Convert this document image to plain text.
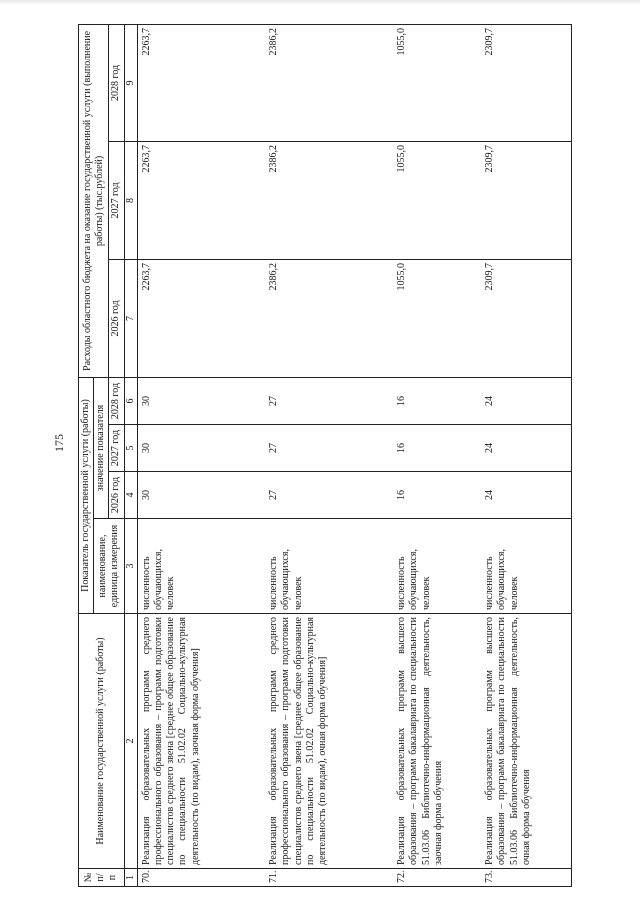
175
№
п/п	Наименование государственной услуги (работы)	Показатель государственной услуги (работы)				Расходы областного бюджета на оказание государственной услуги (выполнение работы) (тыс.рублей)		
		наименование, единица измерения	значение показателя					
			2026 год	2027 год	2028 год	2026 год	2027 год	2028 год
1	2	3	4	5	6	7	8	9
70.	Реализация образовательных программ среднего профессионального образования – программ подготовки специалистов среднего звена [среднее общее образование по специальности 51.02.02 Социально-культурная деятельность (по видам), заочная форма обучения]	численность обучающихся, человек	30	30	30	2263,7	2263,7	2263,7
71.	Реализация образовательных программ среднего профессионального образования – программ подготовки специалистов среднего звена [среднее общее образование по специальности 51.02.02 Социально-культурная деятельность (по видам), очная форма обучения]	численность обучающихся, человек	27	27	27	2386,2	2386,2	2386,2
72.	Реализация образовательных программ высшего образования – программ бакалавриата по специальности 51.03.06 Библиотечно-информационная деятельность, заочная форма обучения	численность обучающихся, человек	16	16	16	1055,0	1055,0	1055,0
73.	Реализация образовательных программ высшего образования – программ бакалавриата по специальности 51.03.06 Библиотечно-информационная деятельность, очная форма обучения	численность обучающихся, человек	24	24	24	2309,7	2309,7	2309,7
